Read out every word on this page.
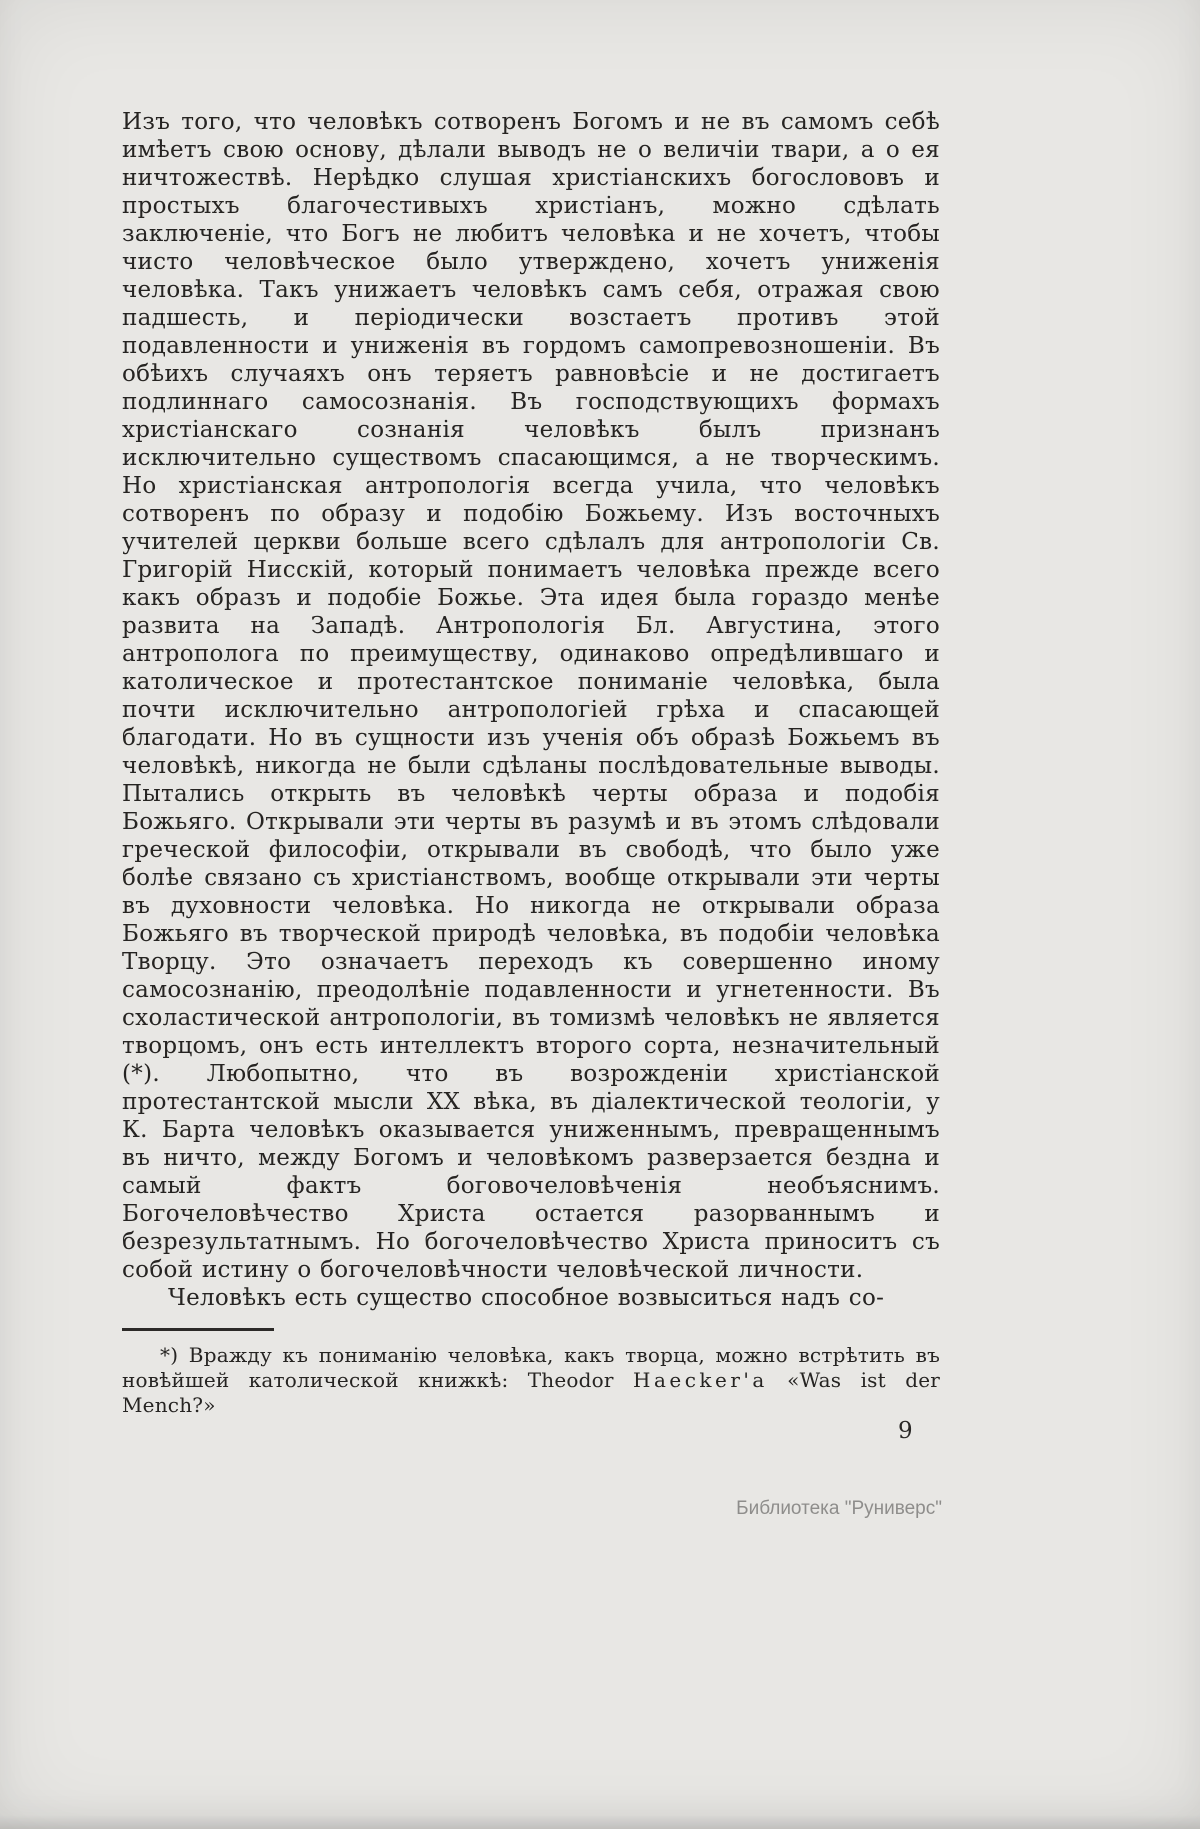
Изъ того, что человѣкъ сотворенъ Богомъ и не въ самомъ себѣ имѣетъ свою основу, дѣлали выводъ не о величіи твари, а о ея ничтожествѣ. Нерѣдко слушая христіанскихъ богослововъ и простыхъ благочестивыхъ христіанъ, можно сдѣлать заключеніе, что Богъ не любитъ человѣка и не хочетъ, чтобы чисто человѣческое было утверждено, хочетъ униженія человѣка. Такъ унижаетъ человѣкъ самъ себя, отражая свою падшесть, и періодически возстаетъ противъ этой подавленности и униженія въ гордомъ самопревозношеніи. Въ обѣихъ случаяхъ онъ теряетъ равновѣсіе и не достигаетъ подлиннаго самосознанія. Въ господствующихъ формахъ христіанскаго сознанія человѣкъ былъ признанъ исключительно существомъ спасающимся, а не творческимъ. Но христіанская антропологія всегда учила, что человѣкъ сотворенъ по образу и подобію Божьему. Изъ восточныхъ учителей церкви больше всего сдѣлалъ для антропологіи Св. Григорій Нисскій, который понимаетъ человѣка прежде всего какъ образъ и подобіе Божье. Эта идея была гораздо менѣе развита на Западѣ. Антропологія Бл. Августина, этого антрополога по преимуществу, одинаково опредѣлившаго и католическое и протестантское пониманіе человѣка, была почти исключительно антропологіей грѣха и спасающей благодати. Но въ сущности изъ ученія объ образѣ Божьемъ въ человѣкѣ, никогда не были сдѣланы послѣдовательные выводы. Пытались открыть въ человѣкѣ черты образа и подобія Божьяго. Открывали эти черты въ разумѣ и въ этомъ слѣдовали греческой философіи, открывали въ свободѣ, что было уже болѣе связано съ христіанствомъ, вообще открывали эти черты въ духовности человѣка. Но никогда не открывали образа Божьяго въ творческой природѣ человѣка, въ подобіи человѣка Творцу. Это означаетъ переходъ къ совершенно иному самосознанію, преодолѣніе подавленности и угнетенности. Въ схоластической антропологіи, въ томизмѣ человѣкъ не является творцомъ, онъ есть интеллектъ второго сорта, незначительный (*). Любопытно, что въ возрожденіи христіанской протестантской мысли XX вѣка, въ діалектической теологіи, у К. Барта человѣкъ оказывается униженнымъ, превращеннымъ въ ничто, между Богомъ и человѣкомъ разверзается бездна и самый фактъ боговочеловѣченія необъяснимъ. Богочеловѣчество Христа остается разорваннымъ и безрезультатнымъ. Но богочеловѣчество Христа приноситъ съ собой истину о богочеловѣчности человѣческой личности.

Человѣкъ есть существо способное возвыситься надъ со-

*) Вражду къ пониманію человѣка, какъ творца, можно встрѣтить въ новѣйшей католической книжкѣ: Theodor Haecker'a «Was ist der Mench?»

9
Библиотека "Руниверс"
